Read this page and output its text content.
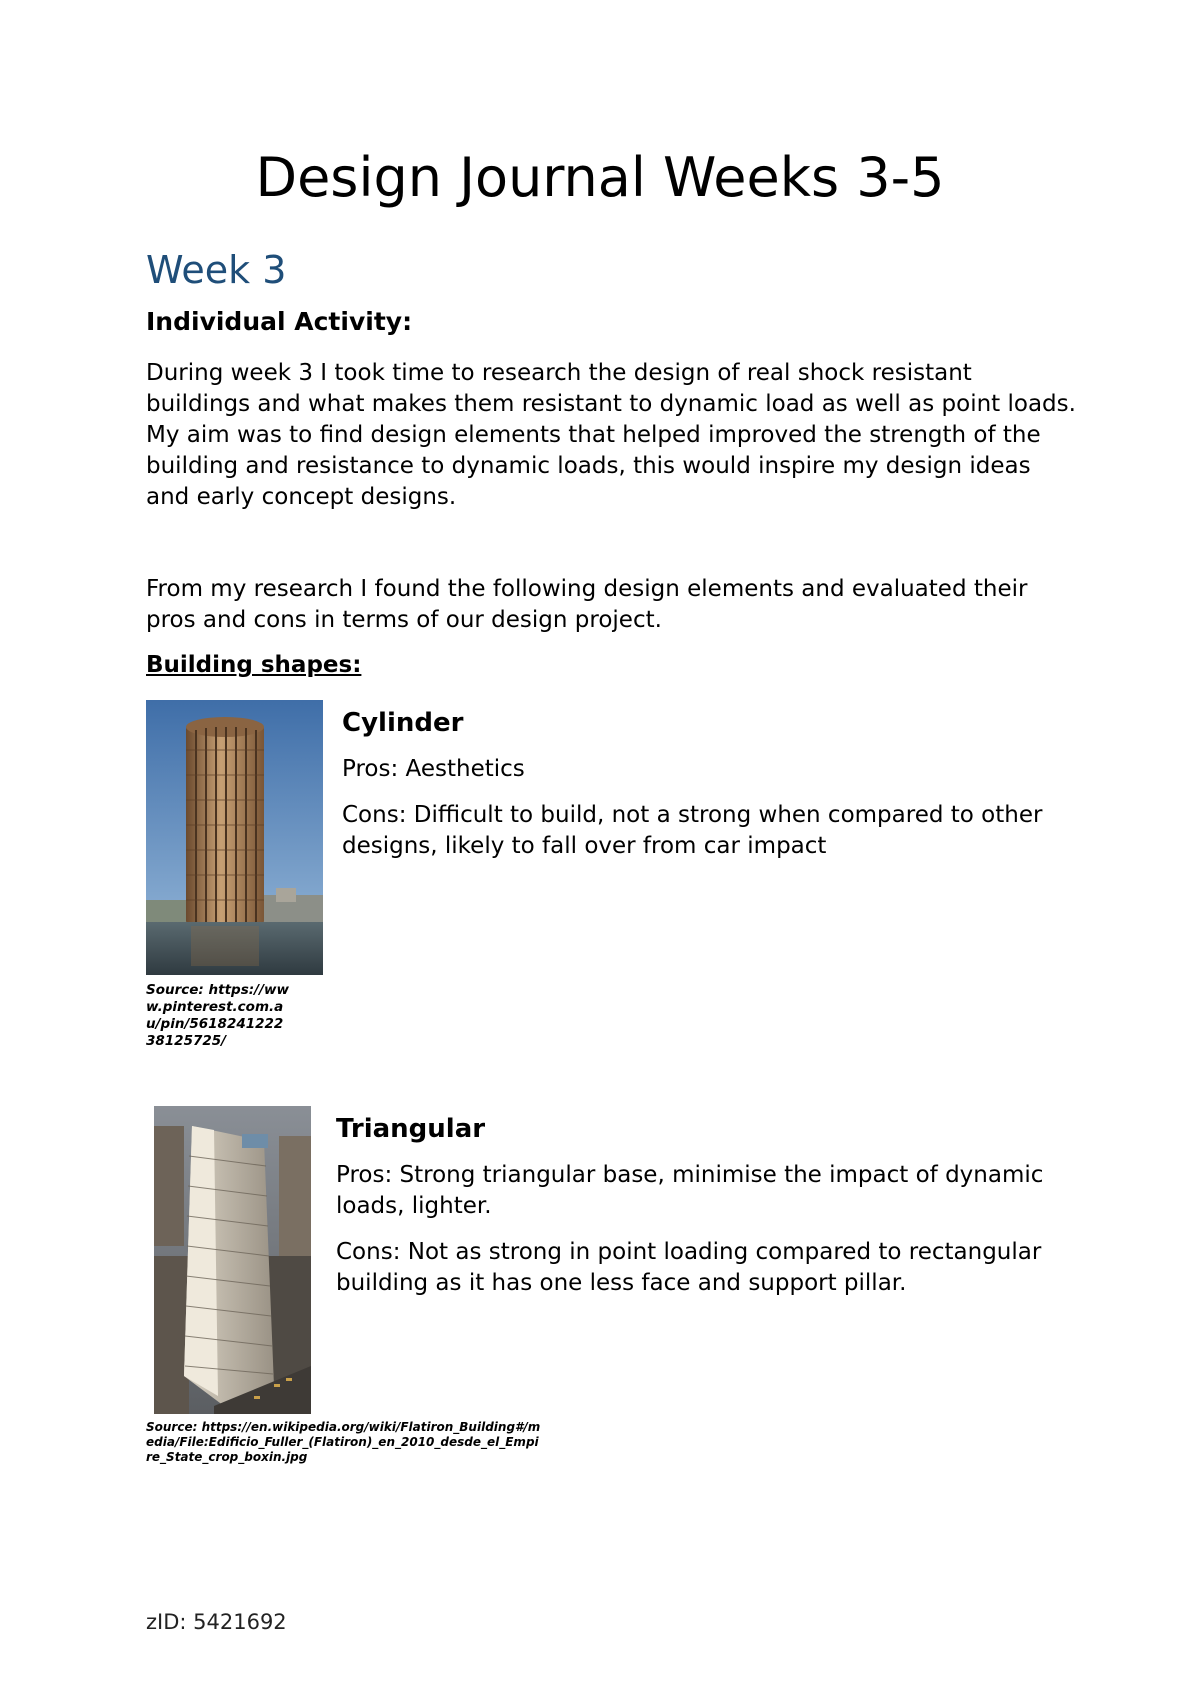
Design Journal Weeks 3-5
Week 3
Individual Activity:
During week 3 I took time to research the design of real shock resistant buildings and what makes them resistant to dynamic load as well as point loads. My aim was to find design elements that helped improved the strength of the building and resistance to dynamic loads, this would inspire my design ideas and early concept designs.
From my research I found the following design elements and evaluated their pros and cons in terms of our design project.
Building shapes:
Source: https://www.pinterest.com.au/pin/561824122238125725/
Cylinder
Pros: Aesthetics
Cons: Difficult to build, not a strong when compared to other designs, likely to fall over from car impact
Source: https://en.wikipedia.org/wiki/Flatiron_Building#/media/File:Edificio_Fuller_(Flatiron)_en_2010_desde_el_Empire_State_crop_boxin.jpg
Triangular
Pros: Strong triangular base, minimise the impact of dynamic loads, lighter.
Cons: Not as strong in point loading compared to rectangular building as it has one less face and support pillar.
zID: 5421692
